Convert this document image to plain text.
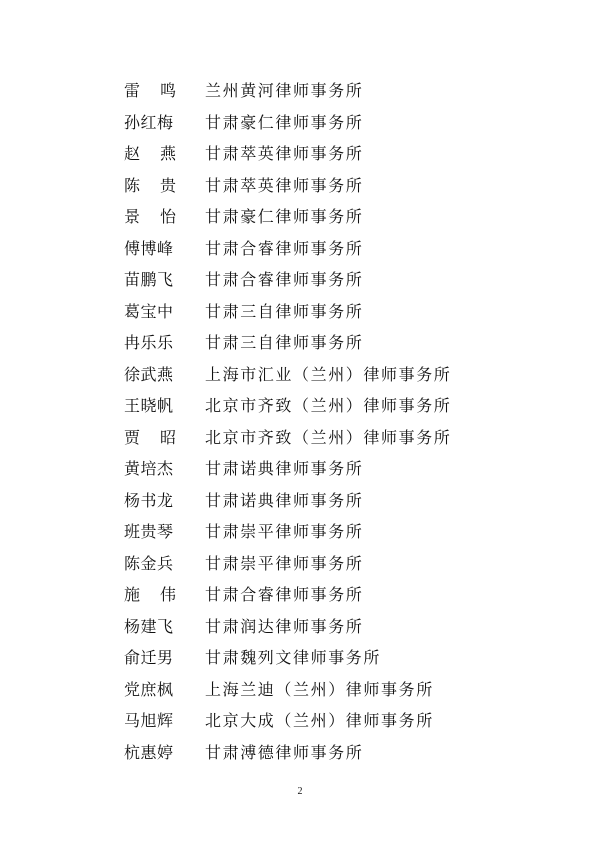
雷 鸣 兰州黄河律师事务所
孙红梅	甘肃豪仁律师事务所
赵 燕 甘肃萃英律师事务所
陈 贵 甘肃萃英律师事务所
景 怡 甘肃豪仁律师事务所
傅博峰	甘肃合睿律师事务所
苗鹏飞	甘肃合睿律师事务所
葛宝中	甘肃三自律师事务所
冉乐乐	甘肃三自律师事务所
徐武燕	上海市汇业（兰州）律师事务所
王晓帆	北京市齐致（兰州）律师事务所
贾 昭 北京市齐致（兰州）律师事务所
黄培杰	甘肃诺典律师事务所
杨书龙	甘肃诺典律师事务所
班贵琴	甘肃崇平律师事务所
陈金兵	甘肃崇平律师事务所
施 伟 甘肃合睿律师事务所
杨建飞	甘肃润达律师事务所
俞迁男	甘肃魏列文律师事务所
党庶枫	上海兰迪（兰州）律师事务所
马旭辉	北京大成（兰州）律师事务所
杭惠婷	甘肃溥德律师事务所
2
